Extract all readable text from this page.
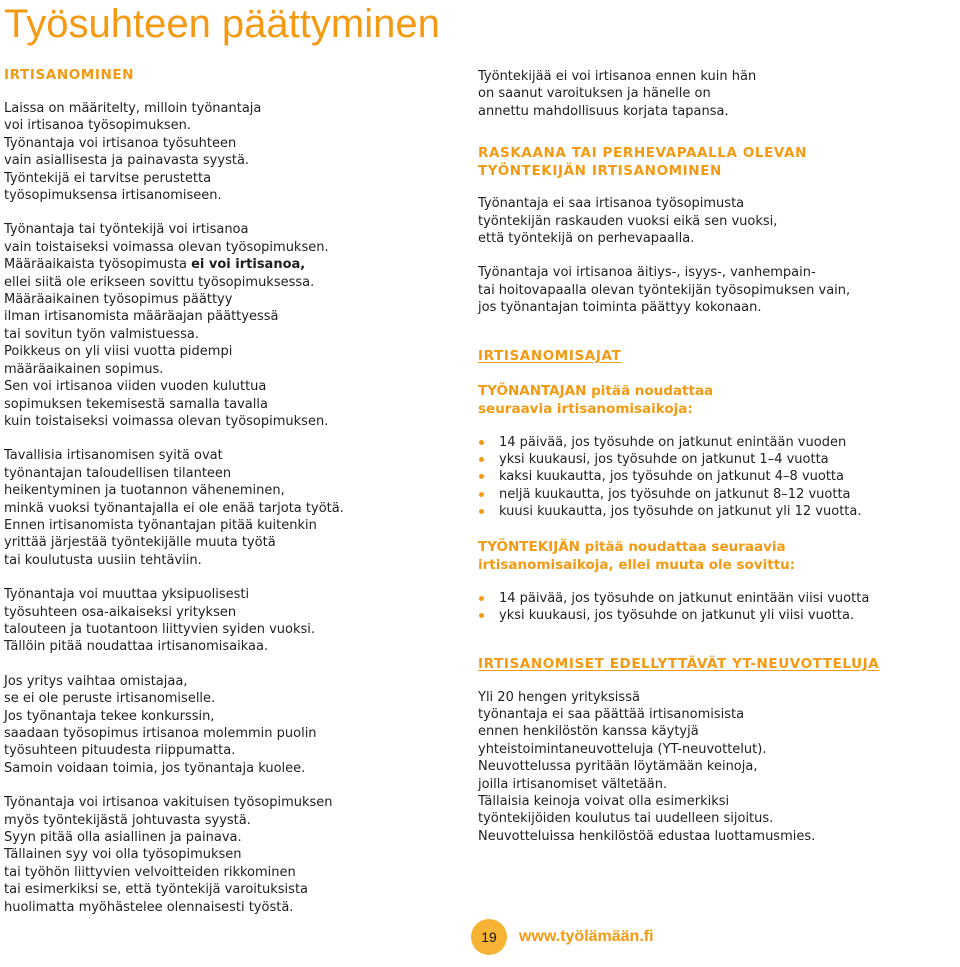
Työsuhteen päättyminen
IRTISANOMINEN
Laissa on määritelty, milloin työnantaja
voi irtisanoa työsopimuksen.
Työnantaja voi irtisanoa työsuhteen
vain asiallisesta ja painavasta syystä.
Työntekijä ei tarvitse perustetta
työsopimuksensa irtisanomiseen.
Työnantaja tai työntekijä voi irtisanoa
vain toistaiseksi voimassa olevan työsopimuksen.
Määräaikaista työsopimusta ei voi irtisanoa,
ellei siitä ole erikseen sovittu työsopimuksessa.
Määräaikainen työsopimus päättyy
ilman irtisanomista määräajan päättyessä
tai sovitun työn valmistuessa.
Poikkeus on yli viisi vuotta pidempi
määräaikainen sopimus.
Sen voi irtisanoa viiden vuoden kuluttua
sopimuksen tekemisestä samalla tavalla
kuin toistaiseksi voimassa olevan työsopimuksen.
Tavallisia irtisanomisen syitä ovat
työnantajan taloudellisen tilanteen
heikentyminen ja tuotannon väheneminen,
minkä vuoksi työnantajalla ei ole enää tarjota työtä.
Ennen irtisanomista työnantajan pitää kuitenkin
yrittää järjestää työntekijälle muuta työtä
tai koulutusta uusiin tehtäviin.
Työnantaja voi muuttaa yksipuolisesti
työsuhteen osa-aikaiseksi yrityksen
talouteen ja tuotantoon liittyvien syiden vuoksi.
Tällöin pitää noudattaa irtisanomisaikaa.
Jos yritys vaihtaa omistajaa,
se ei ole peruste irtisanomiselle.
Jos työnantaja tekee konkurssin,
saadaan työsopimus irtisanoa molemmin puolin
työsuhteen pituudesta riippumatta.
Samoin voidaan toimia, jos työnantaja kuolee.
Työnantaja voi irtisanoa vakituisen työsopimuksen
myös työntekijästä johtuvasta syystä.
Syyn pitää olla asiallinen ja painava.
Tällainen syy voi olla työsopimuksen
tai työhön liittyvien velvoitteiden rikkominen
tai esimerkiksi se, että työntekijä varoituksista
huolimatta myöhästelee olennaisesti työstä.
Työntekijää ei voi irtisanoa ennen kuin hän
on saanut varoituksen ja hänelle on
annettu mahdollisuus korjata tapansa.
RASKAANA TAI PERHEVAPAALLA OLEVAN
TYÖNTEKIJÄN IRTISANOMINEN
Työnantaja ei saa irtisanoa työsopimusta
työntekijän raskauden vuoksi eikä sen vuoksi,
että työntekijä on perhevapaalla.
Työnantaja voi irtisanoa äitiys-, isyys-, vanhempain-
tai hoitovapaalla olevan työntekijän työsopimuksen vain,
jos työnantajan toiminta päättyy kokonaan.
IRTISANOMISAJAT
TYÖNANTAJAN pitää noudattaa
seuraavia irtisanomisaikoja:
14 päivää, jos työsuhde on jatkunut enintään vuoden
yksi kuukausi, jos työsuhde on jatkunut 1–4 vuotta
kaksi kuukautta, jos työsuhde on jatkunut 4–8 vuotta
neljä kuukautta, jos työsuhde on jatkunut 8–12 vuotta
kuusi kuukautta, jos työsuhde on jatkunut yli 12 vuotta.
TYÖNTEKIJÄN pitää noudattaa seuraavia
irtisanomisaikoja, ellei muuta ole sovittu:
14 päivää, jos työsuhde on jatkunut enintään viisi vuotta
yksi kuukausi, jos työsuhde on jatkunut yli viisi vuotta.
IRTISANOMISET EDELLYTTÄVÄT YT-NEUVOTTELUJA
Yli 20 hengen yrityksissä
työnantaja ei saa päättää irtisanomisista
ennen henkilöstön kanssa käytyjä
yhteistoimintaneuvotteluja (YT-neuvottelut).
Neuvottelussa pyritään löytämään keinoja,
joilla irtisanomiset vältetään.
Tällaisia keinoja voivat olla esimerkiksi
työntekijöiden koulutus tai uudelleen sijoitus.
Neuvotteluissa henkilöstöä edustaa luottamusmies.
19	www.työlämään.fi
